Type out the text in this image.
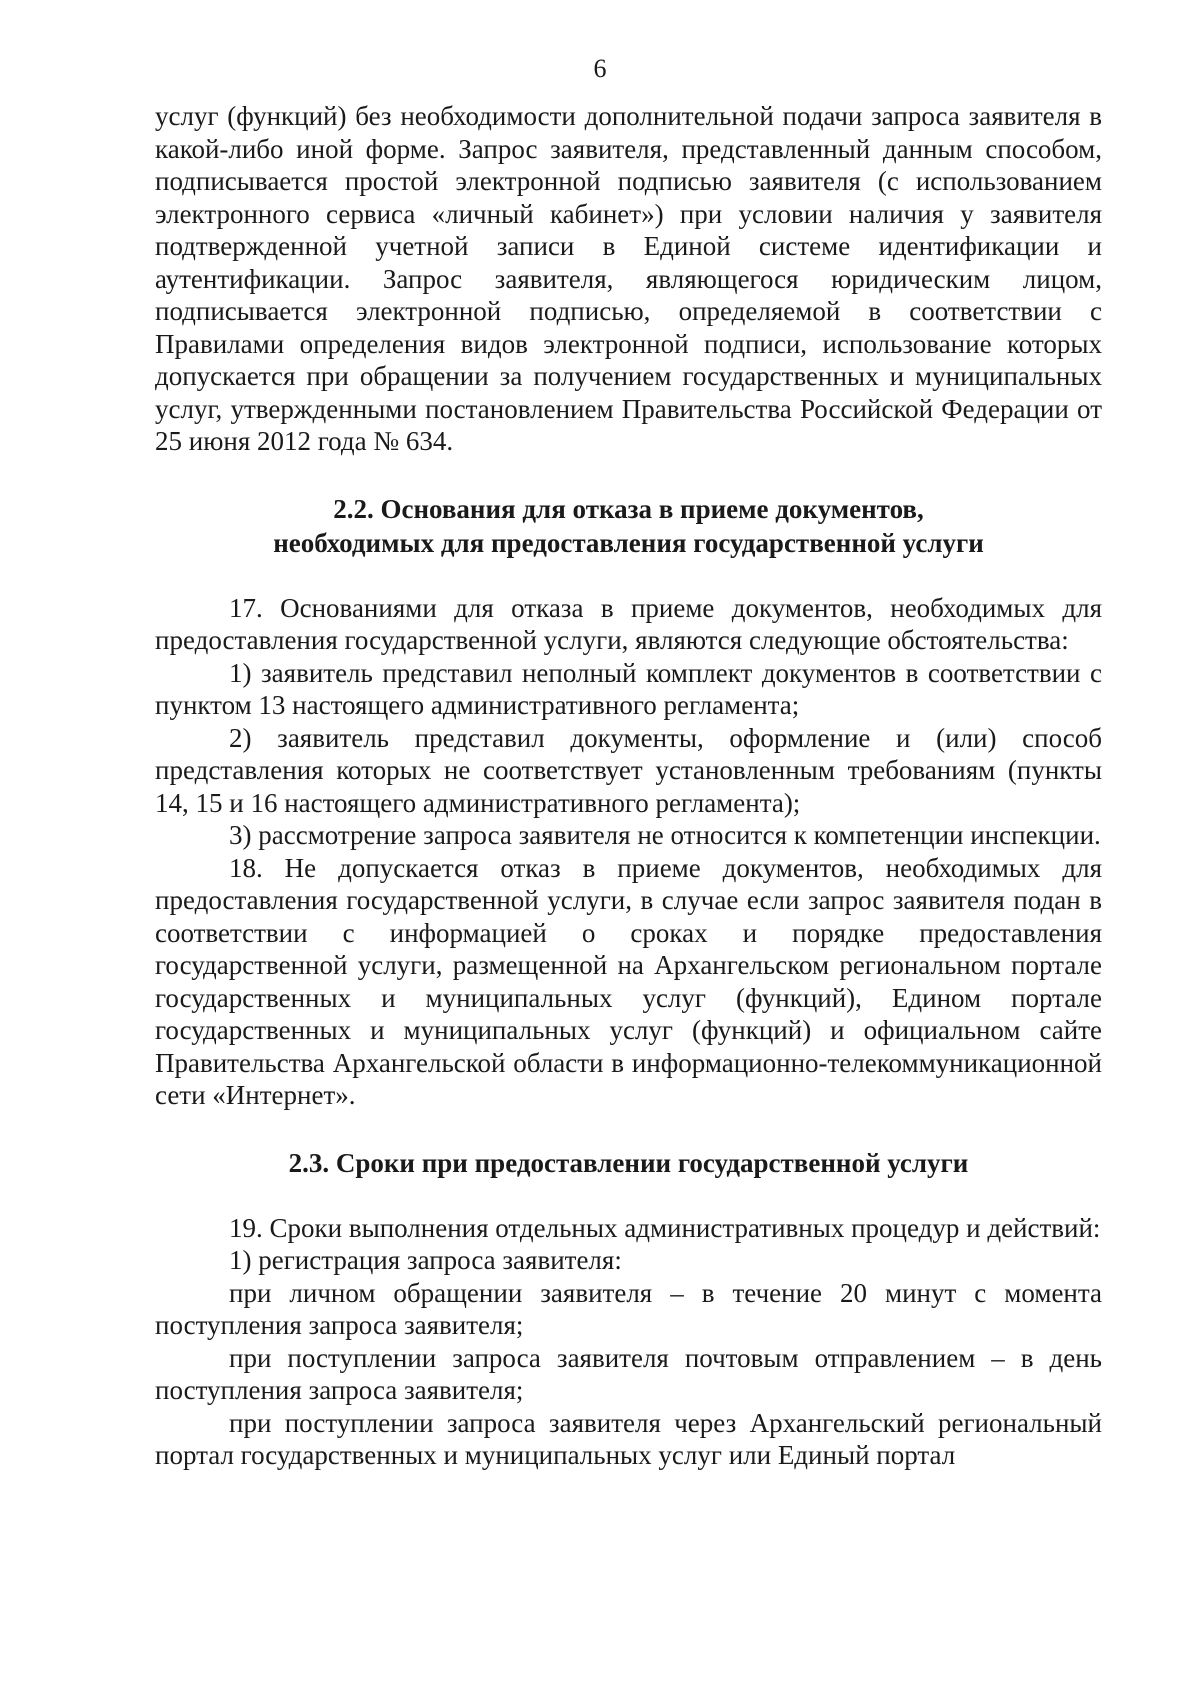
6

услуг (функций) без необходимости дополнительной подачи запроса заявителя в какой-либо иной форме. Запрос заявителя, представленный данным способом, подписывается простой электронной подписью заявителя (с использованием электронного сервиса «личный кабинет») при условии наличия у заявителя подтвержденной учетной записи в Единой системе идентификации и аутентификации. Запрос заявителя, являющегося юридическим лицом, подписывается электронной подписью, определяемой в соответствии с Правилами определения видов электронной подписи, использование которых допускается при обращении за получением государственных и муниципальных услуг, утвержденными постановлением Правительства Российской Федерации от 25 июня 2012 года № 634.

2.2. Основания для отказа в приеме документов,
необходимых для предоставления государственной услуги

17. Основаниями для отказа в приеме документов, необходимых для предоставления государственной услуги, являются следующие обстоятельства:

1) заявитель представил неполный комплект документов в соответствии с пунктом 13 настоящего административного регламента;

2) заявитель представил документы, оформление и (или) способ представления которых не соответствует установленным требованиям (пункты 14, 15 и 16 настоящего административного регламента);

3) рассмотрение запроса заявителя не относится к компетенции инспекции.

18. Не допускается отказ в приеме документов, необходимых для предоставления государственной услуги, в случае если запрос заявителя подан в соответствии с информацией о сроках и порядке предоставления государственной услуги, размещенной на Архангельском региональном портале государственных и муниципальных услуг (функций), Едином портале государственных и муниципальных услуг (функций) и официальном сайте Правительства Архангельской области в информационно-телекоммуникационной сети «Интернет».

2.3. Сроки при предоставлении государственной услуги

19. Сроки выполнения отдельных административных процедур и действий:

1) регистрация запроса заявителя:

при личном обращении заявителя – в течение 20 минут с момента поступления запроса заявителя;

при поступлении запроса заявителя почтовым отправлением – в день поступления запроса заявителя;

при поступлении запроса заявителя через Архангельский региональный портал государственных и муниципальных услуг или Единый портал
